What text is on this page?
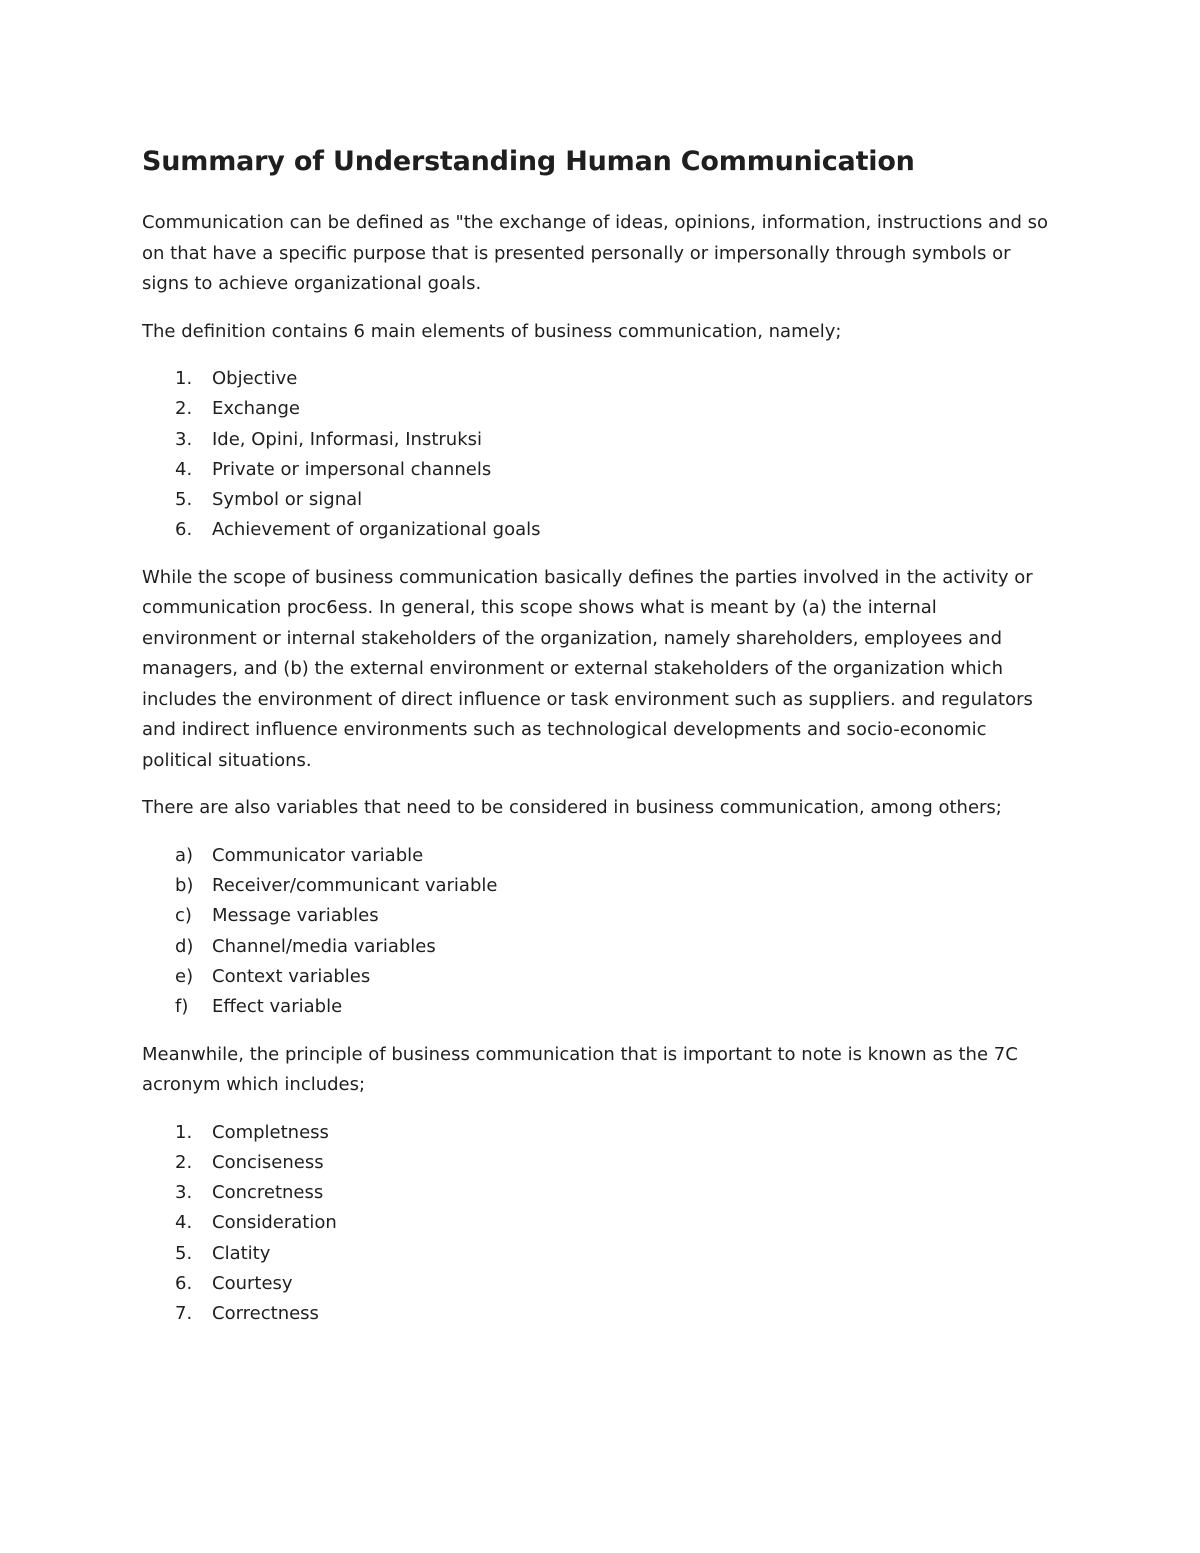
Summary of Understanding Human Communication

Communication can be defined as "the exchange of ideas, opinions, information, instructions and so on that have a specific purpose that is presented personally or impersonally through symbols or signs to achieve organizational goals.

The definition contains 6 main elements of business communication, namely;

1. Objective
2. Exchange
3. Ide, Opini, Informasi, Instruksi
4. Private or impersonal channels
5. Symbol or signal
6. Achievement of organizational goals

While the scope of business communication basically defines the parties involved in the activity or communication proc6ess. In general, this scope shows what is meant by (a) the internal environment or internal stakeholders of the organization, namely shareholders, employees and managers, and (b) the external environment or external stakeholders of the organization which includes the environment of direct influence or task environment such as suppliers. and regulators and indirect influence environments such as technological developments and socio-economic political situations.

There are also variables that need to be considered in business communication, among others;

a) Communicator variable
b) Receiver/communicant variable
c) Message variables
d) Channel/media variables
e) Context variables
f) Effect variable

Meanwhile, the principle of business communication that is important to note is known as the 7C acronym which includes;

1. Completness
2. Conciseness
3. Concretness
4. Consideration
5. Clatity
6. Courtesy
7. Correctness
